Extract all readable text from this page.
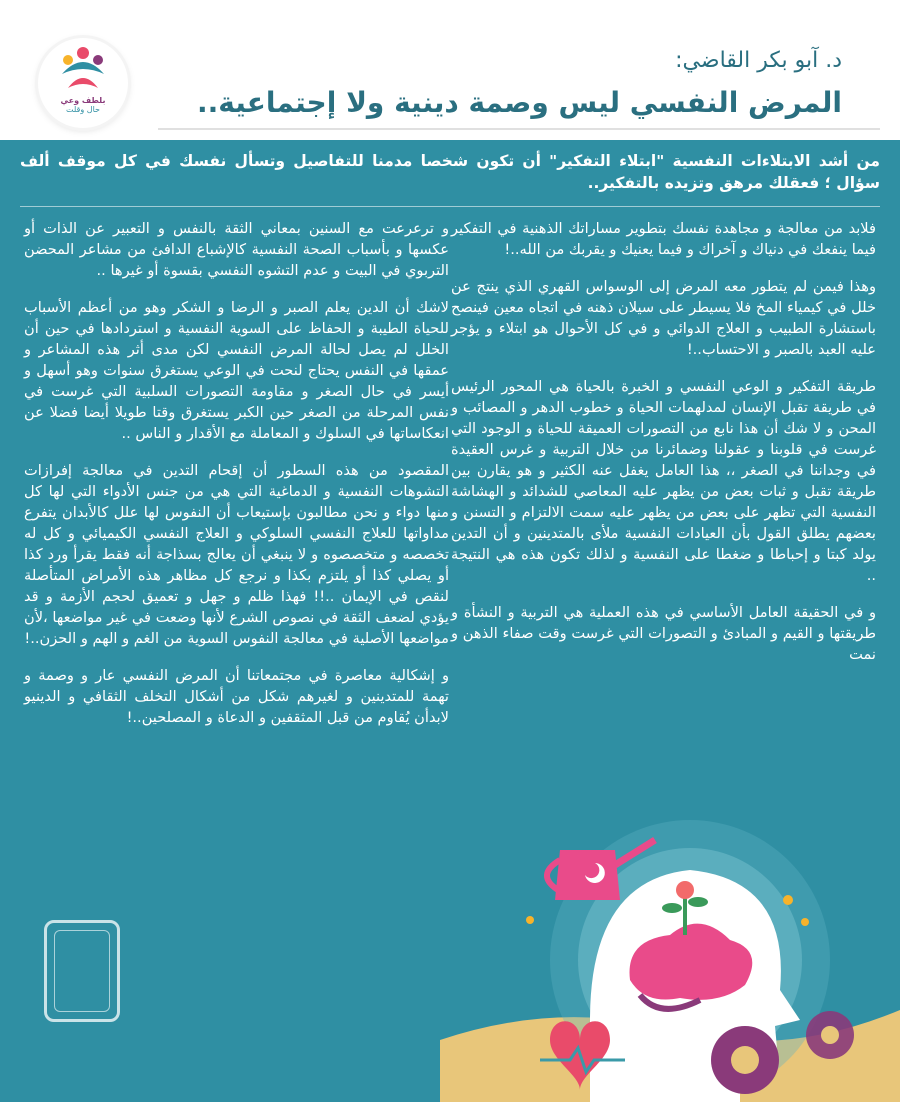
بلطف وعي
حال وقلت
د. آبو بكر القاضي:
المرض النفسي ليس وصمة دينية ولا إجتماعية..
من أشد الابتلاءات النفسية "ابتلاء التفكير" أن تكون شخصا مدمنا للتفاصيل وتسأل نفسك في كل موقف ألف سؤال ؛ فعقلك مرهق وتزيده بالتفكير..

فلابد من معالجة و مجاهدة نفسك بتطوير مساراتك الذهنية في التفكير فيما ينفعك في دنياك و آخراك و فيما يعنيك و يقربك من الله..!

وهذا فيمن لم يتطور معه المرض إلى الوسواس القهري الذي ينتج عن خلل في كيمياء المخ فلا يسيطر على سيلان ذهنه في اتجاه معين فينصح باستشارة الطبيب و العلاج الدوائي و في كل الأحوال هو ابتلاء و يؤجر عليه العبد بالصبر و الاحتساب..!

طريقة التفكير و الوعي النفسي و الخبرة بالحياة هي المحور الرئيس في طريقة تقبل الإنسان لمدلهمات الحياة و خطوب الدهر و المصائب و المحن و لا شك أن هذا نابع من التصورات العميقة للحياة و الوجود التي غرست في قلوبنا و عقولنا وضمائرنا من خلال التربية و غرس العقيدة في وجداننا في الصغر ،، هذا العامل يغفل عنه الكثير و هو يقارن بين طريقة تقبل و ثبات بعض من يظهر عليه المعاصي للشدائد و الهشاشة النفسية التي تظهر على بعض من يظهر عليه سمت الالتزام و التسنن و بعضهم يطلق القول بأن العيادات النفسية ملأى بالمتدينين و أن التدين يولد كبتا و إحباطا و ضغطا على النفسية و لذلك تكون هذه هي النتيجة ..

و في الحقيقة العامل الأساسي في هذه العملية هي التربية و النشأة و طريقتها و القيم و المبادئ و التصورات التي غرست وقت صفاء الذهن و نمت

و ترعرعت مع السنين بمعاني الثقة بالنفس و التعبير عن الذات أو عكسها و بأسباب الصحة النفسية كالإشباع الدافئ من مشاعر المحضن التربوي في البيت و عدم التشوه النفسي بقسوة أو غيرها ..

لاشك أن الدين يعلم الصبر و الرضا و الشكر وهو من أعظم الأسباب للحياة الطيبة و الحفاظ على السوية النفسية و استردادها في حين أن الخلل لم يصل لحالة المرض النفسي لكن مدى أثر هذه المشاعر و عمقها في النفس يحتاج لنحت في الوعي يستغرق سنوات وهو أسهل و أيسر في حال الصغر و مقاومة التصورات السلبية التي غرست في نفس المرحلة من الصغر حين الكبر يستغرق وقتا طويلا أيضا فضلا عن انعكاساتها في السلوك و المعاملة مع الأقدار و الناس ..

المقصود من هذه السطور أن إقحام التدين في معالجة إفرازات التشوهات النفسية و الدماغية التي هي من جنس الأدواء التي لها كل منها دواء و نحن مطالبون بإستيعاب أن النفوس لها علل كالأبدان يتفرع مداواتها للعلاج النفسي السلوكي و العلاج النفسي الكيميائي و كل له تخصصه و متخصصوه و لا ينبغي أن يعالج بسذاجة أنه فقط يقرأ ورد كذا أو يصلي كذا أو يلتزم بكذا و نرجع كل مظاهر هذه الأمراض المتأصلة لنقص في الإيمان ..!! فهذا ظلم و جهل و تعميق لحجم الأزمة و قد يؤدي لضعف الثقة في نصوص الشرع لأنها وضعت في غير مواضعها ،لأن مواضعها الأصلية في معالجة النفوس السوية من الغم و الهم و الحزن..!

و إشكالية معاصرة في مجتمعاتنا أن المرض النفسي عار و وصمة و تهمة للمتدينين و لغيرهم شكل من أشكال التخلف الثقافي و الدينيو لابدأن يُقاوم من قبل المثقفين و الدعاة و المصلحين..!
